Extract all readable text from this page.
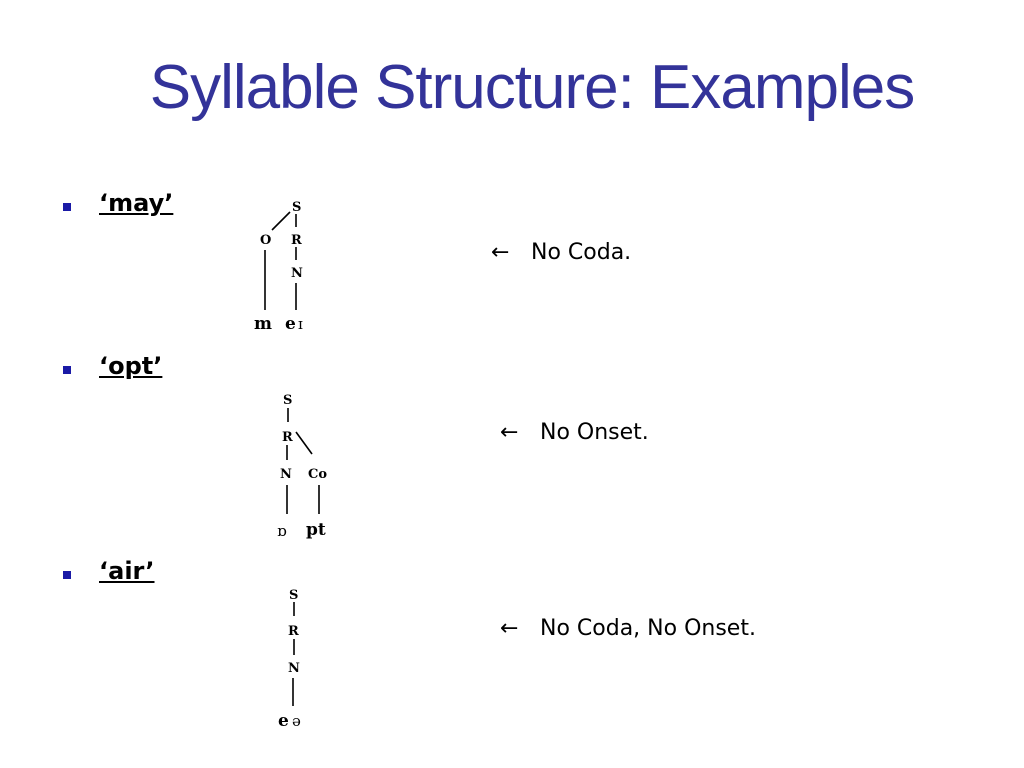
Syllable Structure: Examples
‘may’	S
O R
N
m e ɪ
← No Coda.
‘opt’
S
R
N Co
ɒ pt
← No Onset.
‘air’
S
R
N
e ə
← No Coda, No Onset.
